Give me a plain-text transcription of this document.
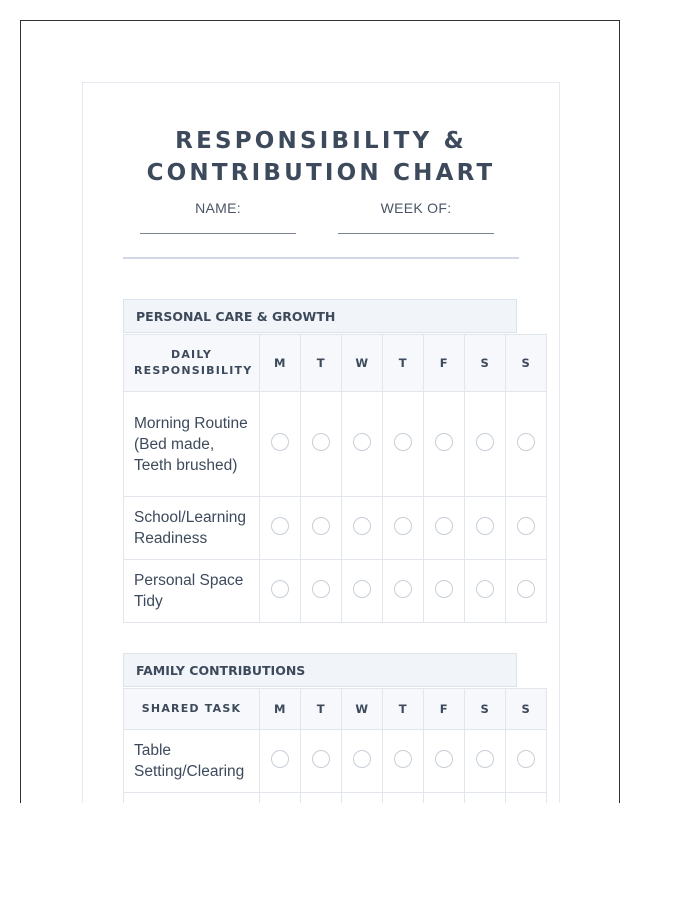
RESPONSIBILITY &
CONTRIBUTION CHART
NAME:	WEEK OF:
PERSONAL CARE & GROWTH
DAILY RESPONSIBILITY	M	T	W	T	F	S	S
Morning Routine (Bed made, Teeth brushed)							
School/Learning Readiness							
Personal Space Tidy							
FAMILY CONTRIBUTIONS
SHARED TASK	M	T	W	T	F	S	S
Table Setting/Clearing							
